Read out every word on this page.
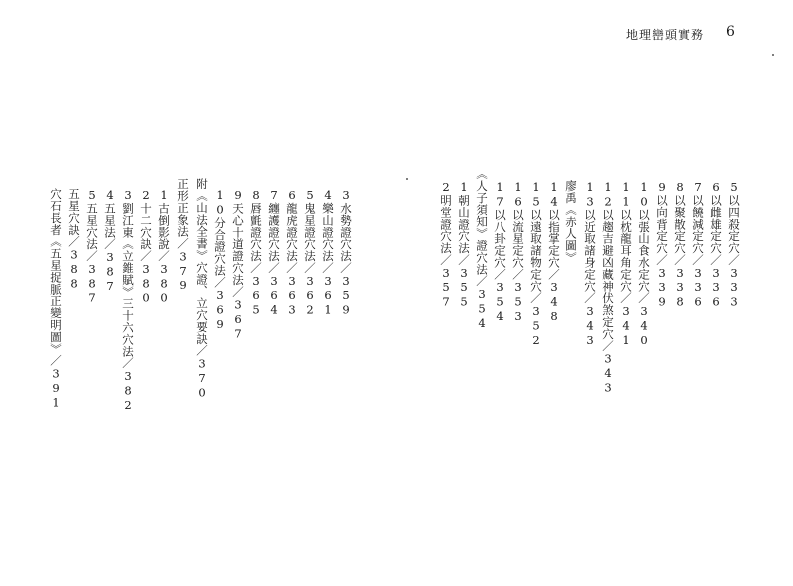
地理巒頭實務 6
5以四殺定穴／333
6以雌雄定穴／336
7以饒減定穴／336
8以聚散定穴／338
9以向背定穴／339
10以張山食水定穴／340
11以枕龍耳角定穴／341
12以趨吉避凶藏神伏煞定穴／343
13以近取諸身定穴／343
廖禹《赤人圖》
14以指掌定穴／348
15以遠取諸物定穴／352
16以流星定穴／353
17以八卦定穴／354
《人子須知》證穴法／354
1朝山證穴法／355
2明堂證穴法／357
3水勢證穴法／359
4樂山證穴法／361
5鬼星證穴法／362
6龍虎證穴法／363
7纏護證穴法／364
8唇氈證穴法／365
9天心十道證穴法／367
10分合證穴法／369
附《山法全書》穴證、立穴要訣／370
正形正象法／379
1古倒影說／380
2十二穴訣／380
3劉江東《立錐賦》三十六穴法／382
4五星法／387
5五星穴法／387
五星穴訣／388
穴石長者《五星捉脈正變明圖》／391
